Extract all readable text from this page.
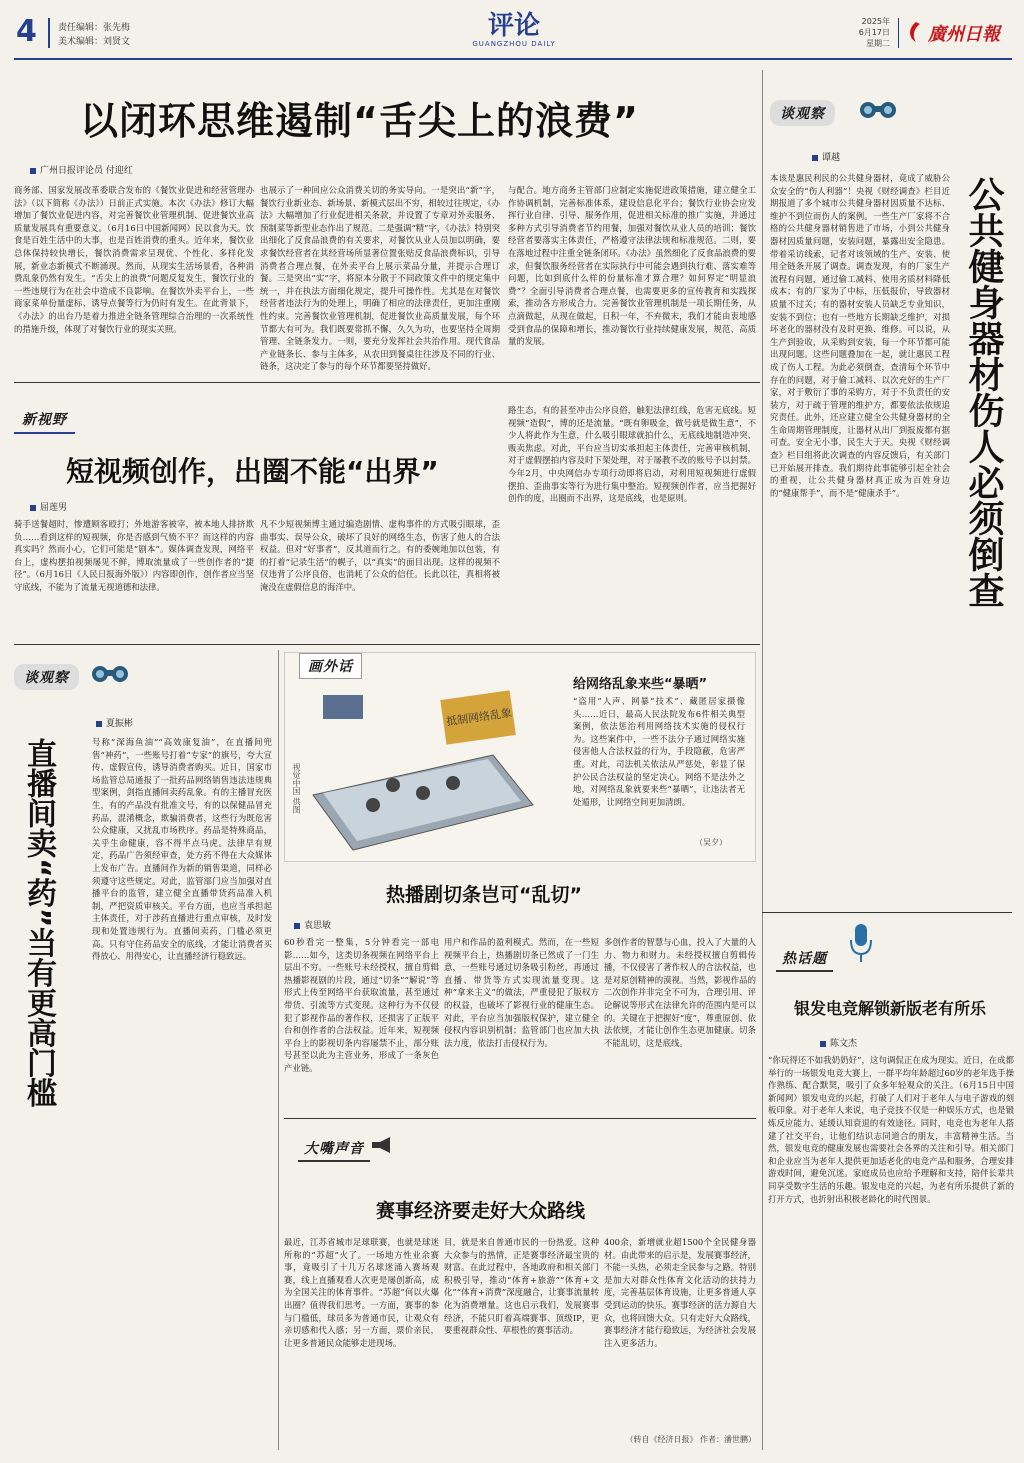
4 责任编辑：张先梅
美术编辑：刘贤文
评论
GUANGZHOU DAILY
2025年
6月17日
星期二 廣州日報
以闭环思维遏制“舌尖上的浪费”
广州日报评论员 付迎红
商务部、国家发展改革委联合发布的《餐饮业促进和经营管理办法》（以下简称《办法》）日前正式实施。本次《办法》修订大幅增加了餐饮业促进内容，对完善餐饮业管理机制、促进餐饮业高质量发展具有重要意义。（6月16日中国新闻网）民以食为天。饮食是百姓生活中的大事，也是百姓消费的重头。近年来，餐饮业总体保持较快增长，餐饮消费需求呈现优、个性化、多样化发展，新业态新模式不断涌现。然而，从现实生活场景看，各种消费乱象仍然有发生。“舌尖上的浪费”问题反复发生，餐饮行业的一些违规行为在社会中造成不良影响。在餐饮外卖平台上，一些商家菜单份量虚标、诱导点餐等行为仍时有发生。在此背景下，《办法》的出台乃是着力推进全链条管理综合治理的一次系统性的措施升级，体现了对餐饮行业的现实关照。
也展示了一种回应公众消费关切的务实导向。一是突出“新”字，餐饮行业新业态、新场景、新模式层出不穷，相较过往规定，《办法》大幅增加了行业促进相关条款，并设置了专章对外卖服务、预制菜等新型业态作出了规范。二是强调“精”字，《办法》特别突出细化了反食品浪费的有关要求，对餐饮从业人员加以明确，要求餐饮经营者在其经营场所显著位置张贴反食品浪费标识，引导消费者合理点餐，在外卖平台上展示菜品分量，并提示合理订餐。三是突出“实”字，将原本分散于不同政策文件中的规定集中统一，并在执法方面细化规定，提升可操作性。尤其是在对餐饮经营者违法行为的处理上，明确了相应的法律责任，更加注重刚性约束。完善餐饮业管理机制，促进餐饮业高质量发展，每个环节都大有可为。我们既要常抓不懈，久久为功，也要坚持全周期管理、全链条发力。一则，要充分发挥社会共治作用。现代食品产业链条长、参与主体多，从农田到餐桌往往涉及不同的行业、链条，这决定了参与的每个环节都要坚持做好。
与配合。地方商务主管部门应制定实施促进政策措施，建立健全工作协调机制，完善标准体系，建设信息化平台；餐饮行业协会应发挥行业自律、引导、服务作用，促进相关标准的推广实施，并通过多种方式引导消费者节约用餐，加强对餐饮从业人员的培训；餐饮经营者要落实主体责任，严格遵守法律法规和标准规范。二则，要在落地过程中注重全链条闭环。《办法》虽然细化了反食品浪费的要求，但餐饮服务经营者在实际执行中可能会遇到执行难、落实难等问题，比如到底什么样的份量标准才算合理？如何界定“明显浪费”？全面引导消费者合理点餐，也需要更多的宣传教育和实践探索，推动各方形成合力。完善餐饮业管理机制是一项长期任务，从点滴做起，从现在做起，日积一年，不弃微末，我们才能由衷地感受到食品的保障和增长，推动餐饮行业持续健康发展，规范、高质量的发展。
谈观察
谭越
本该是惠民利民的公共健身器材，竟成了威胁公众安全的“伤人利器”！央视《财经调查》栏目近期报道了多个城市公共健身器材因质量不达标、维护不到位而伤人的案例。一些生产厂家将不合格的公共健身器材销售进了市场，小到公共健身器材因质量问题，安装问题，暴露出安全隐患。带着采访线索，记者对该领域的生产、安装、使用全链条开展了调查。调查发现，有的厂家生产流程有问题，通过偷工减料、使用劣质材料降低成本；有的厂家为了中标，压低报价，导致器材质量不过关；有的器材安装人员缺乏专业知识，安装不到位；也有一些地方长期缺乏维护，对损坏老化的器材没有及时更换、维修。可以说，从生产到验收，从采购到安装，每一个环节都可能出现问题。这些问题叠加在一起，就让惠民工程成了伤人工程。为此必须倒查，查清每个环节中存在的问题，对于偷工减料、以次充好的生产厂家，对于敷衍了事的采购方，对于不负责任的安装方，对于疏于管理的维护方，都要依法依规追究责任。此外，还应建立健全公共健身器材的全生命周期管理制度，让器材从出厂到报废都有据可查。安全无小事，民生大于天。央视《财经调查》栏目组将此次调查的内容反馈后，有关部门已开始展开排查。我们期待此事能够引起全社会的重视，让公共健身器材真正成为百姓身边的“健康帮手”，而不是“健康杀手”。	公共健身器材伤人必须倒查
新视野
短视频创作，出圈不能“出界”
屈莲男
骑手送餐超时，惨遭顾客殴打；外地游客被宰，被本地人排挤欺负……看到这样的短视频，你是否感到气愤不平？而这样的内容真实吗？然而小心，它们可能是“剧本”。媒体调查发现，网络平台上，虚构摆拍视频屡见不鲜，博取流量成了一些创作者的“捷径”。（6月16日《人民日报海外版》）内容即创作，创作者应当坚守底线，不能为了流量无视道德和法律。
凡不少短视频博主通过编造剧情、虚构事件的方式吸引眼球，歪曲事实、误导公众，破坏了良好的网络生态，伤害了他人的合法权益。但对“好事者”，反其道而行之。有的委婉地加以包装，有的打着“记录生活”的幌子，以“真实”的面目出现。这样的视频不仅违背了公序良俗，也消耗了公众的信任。长此以往，真相将被淹没在虚假信息的海洋中。
路生态，有的甚至冲击公序良俗，触犯法律红线，危害无底线。短视频“造假”，博的还是流量。“既有卵吸金，做号就是做生意”，不少人将此作为生意，什么吸引眼球就拍什么，无底线地制造冲突、贩卖焦虑。对此，平台应当切实承担起主体责任，完善审核机制，对于虚假摆拍内容及时下架处理，对于屡教不改的账号予以封禁。今年2月，中央网信办专项行动即将启动，对利用短视频进行虚假摆拍、歪曲事实等行为进行集中整治。短视频创作者，应当把握好创作的度，出圈而不出界，这是底线，也是原则。
谈观察
直播间卖“药”当有更高门槛
夏振彬
号称“深海鱼油”“高效康复油”，在直播间兜售“神药”，一些账号打着“专家”的旗号，夸大宣传、虚假宣传，诱导消费者购买。近日，国家市场监管总局通报了一批药品网络销售违法违规典型案例，剑指直播间卖药乱象。有的主播冒充医生，有的产品没有批准文号，有的以保健品冒充药品，混淆概念，欺骗消费者，这些行为既危害公众健康，又扰乱市场秩序。药品是特殊商品，关乎生命健康，容不得半点马虎。法律早有规定，药品广告须经审查，处方药不得在大众媒体上发布广告。直播间作为新的销售渠道，同样必须遵守这些规定。对此，监管部门应当加强对直播平台的监管，建立健全直播带货药品准入机制，严把资质审核关。平台方面，也应当承担起主体责任，对于涉药直播进行重点审核，及时发现和处置违规行为。直播间卖药，门槛必须更高。只有守住药品安全的底线，才能让消费者买得放心、用得安心，让直播经济行稳致远。
画外话
抵制网络乱象
视觉中国 供图
给网络乱象来些“暴晒”
“盗用”人声、网暴“技术”、藏匿居家摄像头……近日，最高人民法院发布6件相关典型案例，依法惩治利用网络技术实施的侵权行为。这些案件中，一些不法分子通过网络实施侵害他人合法权益的行为，手段隐蔽，危害严重。对此，司法机关依法从严惩处，彰显了保护公民合法权益的坚定决心。网络不是法外之地，对网络乱象就要来些“暴晒”，让违法者无处遁形，让网络空间更加清朗。
（吴夕）
热播剧切条岂可“乱切”
袁思敏
60秒看完一整集，5分钟看完一部电影……如今，这类切条视频在网络平台上层出不穷。一些账号未经授权，擅自剪辑热播影视剧的片段，通过“切条”“解说”等形式上传至网络平台获取流量，甚至通过带货、引流等方式变现。这种行为不仅侵犯了影视作品的著作权，还损害了正版平台和创作者的合法权益。近年来，短视频平台上的影视切条内容屡禁不止，部分账号甚至以此为主营业务，形成了一条灰色产业链。
用户和作品的盈利模式。然而，在一些短视频平台上，热播剧切条已然成了一门生意，一些账号通过切条吸引粉丝，再通过直播、带货等方式实现流量变现。这种“拿来主义”的做法，严重侵犯了版权方的权益，也破坏了影视行业的健康生态。对此，平台应当加强版权保护，建立健全侵权内容识别机制；监管部门也应加大执法力度，依法打击侵权行为。
多创作者的智慧与心血，投入了大量的人力、物力和财力。未经授权擅自剪辑传播，不仅侵害了著作权人的合法权益，也是对原创精神的漠视。当然，影视作品的二次创作并非完全不可为，合理引用、评论解说等形式在法律允许的范围内是可以的。关键在于把握好“度”，尊重原创、依法依规，才能让创作生态更加健康。切条不能乱切，这是底线。
大嘴声音
赛事经济要走好大众路线
最近，江苏省城市足球联赛，也就是球迷所称的“苏超”火了。一场地方性业余赛事，竟吸引了十几万名球迷涌入赛场观赛，线上直播观看人次更是屡创新高，成为全国关注的体育事件。“苏超”何以火爆出圈？值得我们思考。一方面，赛事的参与门槛低，球员多为普通市民，让观众有亲切感和代入感；另一方面，票价亲民，让更多普通民众能够走进现场。
目，就是来自普通市民的一份热爱。这种大众参与的热情，正是赛事经济最宝贵的财富。在此过程中，各地政府和相关部门积极引导，推动“体育+旅游”“体育+文化”“体育+消费”深度融合，让赛事流量转化为消费增量。这也启示我们，发展赛事经济，不能只盯着高端赛事、顶级IP，更要重视群众性、草根性的赛事活动。
400余，新增就业超1500个全民健身器材。由此带来的启示是，发展赛事经济，不能一头热，必须走全民参与之路。特别是加大对群众性体育文化活动的扶持力度，完善基层体育设施，让更多普通人享受到运动的快乐。赛事经济的活力源自大众，也将回馈大众。只有走好大众路线，赛事经济才能行稳致远，为经济社会发展注入更多活力。
（转自《经济日报》 作者：潘世鹏）
热话题
银发电竞解锁新版老有所乐
陈文杰
“你玩得还不如我奶奶好”，这句调侃正在成为现实。近日，在成都举行的一场银发电竞大赛上，一群平均年龄超过60岁的老年选手操作熟练、配合默契，吸引了众多年轻观众的关注。（6月15日中国新闻网）银发电竞的兴起，打破了人们对于老年人与电子游戏的刻板印象。对于老年人来说，电子竞技不仅是一种娱乐方式，也是锻炼反应能力、延缓认知衰退的有效途径。同时，电竞也为老年人搭建了社交平台，让他们结识志同道合的朋友，丰富精神生活。当然，银发电竞的健康发展也需要社会各界的关注和引导。相关部门和企业应当为老年人提供更加适老化的电竞产品和服务，合理安排游戏时间，避免沉迷。家庭成员也应给予理解和支持，陪伴长辈共同享受数字生活的乐趣。银发电竞的兴起，为老有所乐提供了新的打开方式，也折射出积极老龄化的时代图景。
